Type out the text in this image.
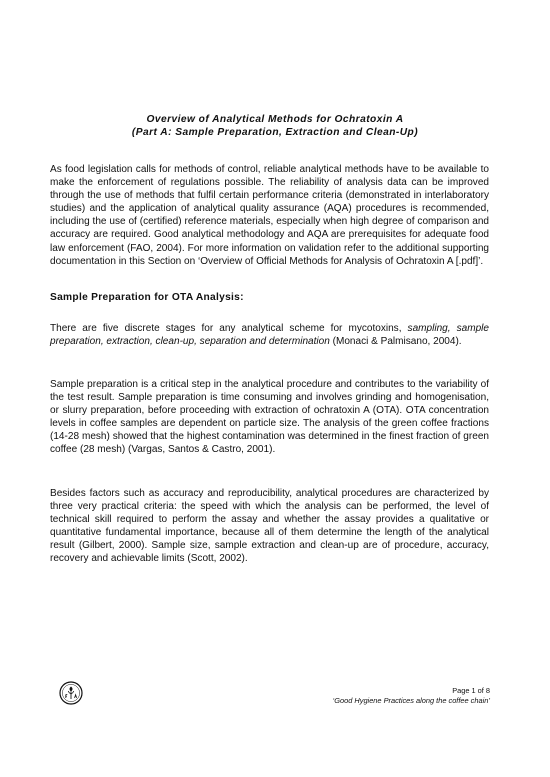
Overview of Analytical Methods for Ochratoxin A
(Part A: Sample Preparation, Extraction and Clean-Up)
As food legislation calls for methods of control, reliable analytical methods have to be available to make the enforcement of regulations possible. The reliability of analysis data can be improved through the use of methods that fulfil certain performance criteria (demonstrated in interlaboratory studies) and the application of analytical quality assurance (AQA) procedures is recommended, including the use of (certified) reference materials, especially when high degree of comparison and accuracy are required. Good analytical methodology and AQA are prerequisites for adequate food law enforcement (FAO, 2004). For more information on validation refer to the additional supporting documentation in this Section on ‘Overview of Official Methods for Analysis of Ochratoxin A [.pdf]’.
Sample Preparation for OTA Analysis:
There are five discrete stages for any analytical scheme for mycotoxins, sampling, sample preparation, extraction, clean-up, separation and determination (Monaci & Palmisano, 2004).
Sample preparation is a critical step in the analytical procedure and contributes to the variability of the test result. Sample preparation is time consuming and involves grinding and homogenisation, or slurry preparation, before proceeding with extraction of ochratoxin A (OTA). OTA concentration levels in coffee samples are dependent on particle size. The analysis of the green coffee fractions (14-28 mesh) showed that the highest contamination was determined in the finest fraction of green coffee (28 mesh) (Vargas, Santos & Castro, 2001).
Besides factors such as accuracy and reproducibility, analytical procedures are characterized by three very practical criteria: the speed with which the analysis can be performed, the level of technical skill required to perform the assay and whether the assay provides a qualitative or quantitative fundamental importance, because all of them determine the length of the analytical result (Gilbert, 2000). Sample size, sample extraction and clean-up are of procedure, accuracy, recovery and achievable limits (Scott, 2002).
Page 1 of 8
‘Good Hygiene Practices along the coffee chain’
